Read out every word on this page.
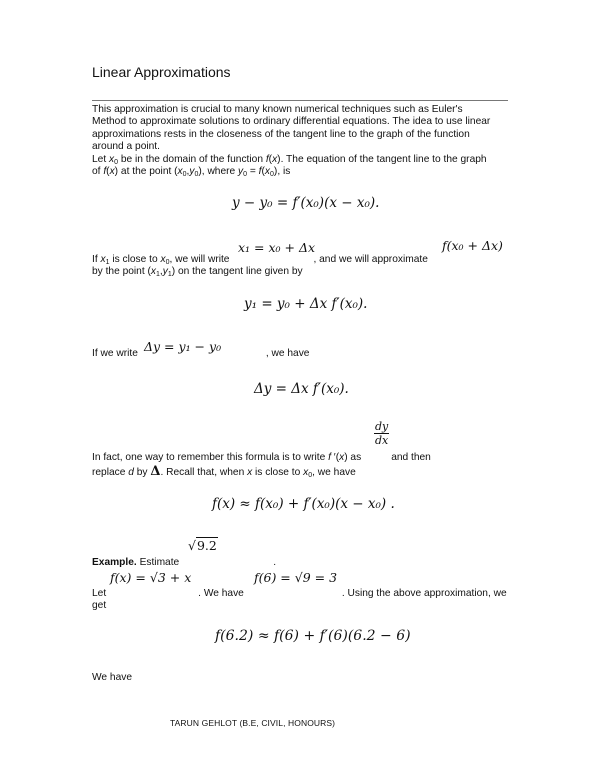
Linear Approximations
This approximation is crucial to many known numerical techniques such as Euler's
Method to approximate solutions to ordinary differential equations. The idea to use linear
approximations rests in the closeness of the tangent line to the graph of the function
around a point.
Let $x_0$ be in the domain of the function f(x). The equation of the tangent line to the graph
of f(x) at the point $(x_0,y_0)$, where $y_0 = f(x_0)$, is
y − y₀ = f′(x₀)(x − x₀).
x₁ = x₀ + Δx	f(x₀ + Δx)
If $x_1$ is close to $x_0$, we will write	, and we will approximate
by the point $(x_1,y_1)$ on the tangent line given by
y₁ = y₀ + Δx f′(x₀).
Δy = y₁ − y₀
If we write	, we have
Δy = Δx f′(x₀).
$\frac{dy}{dx}$
In fact, one way to remember this formula is to write f ′(x) as	and then
replace d by Δ. Recall that, when x is close to $x_0$, we have
f(x) ≈ f(x₀) + f′(x₀)(x − x₀) .
√9.2
Example. Estimate	.
f(x) = √3 + x	f(6) = √9 = 3
Let	. We have	. Using the above approximation, we
get
f(6.2) ≈ f(6) + f′(6)(6.2 − 6)
We have
TARUN GEHLOT (B.E, CIVIL, HONOURS)
